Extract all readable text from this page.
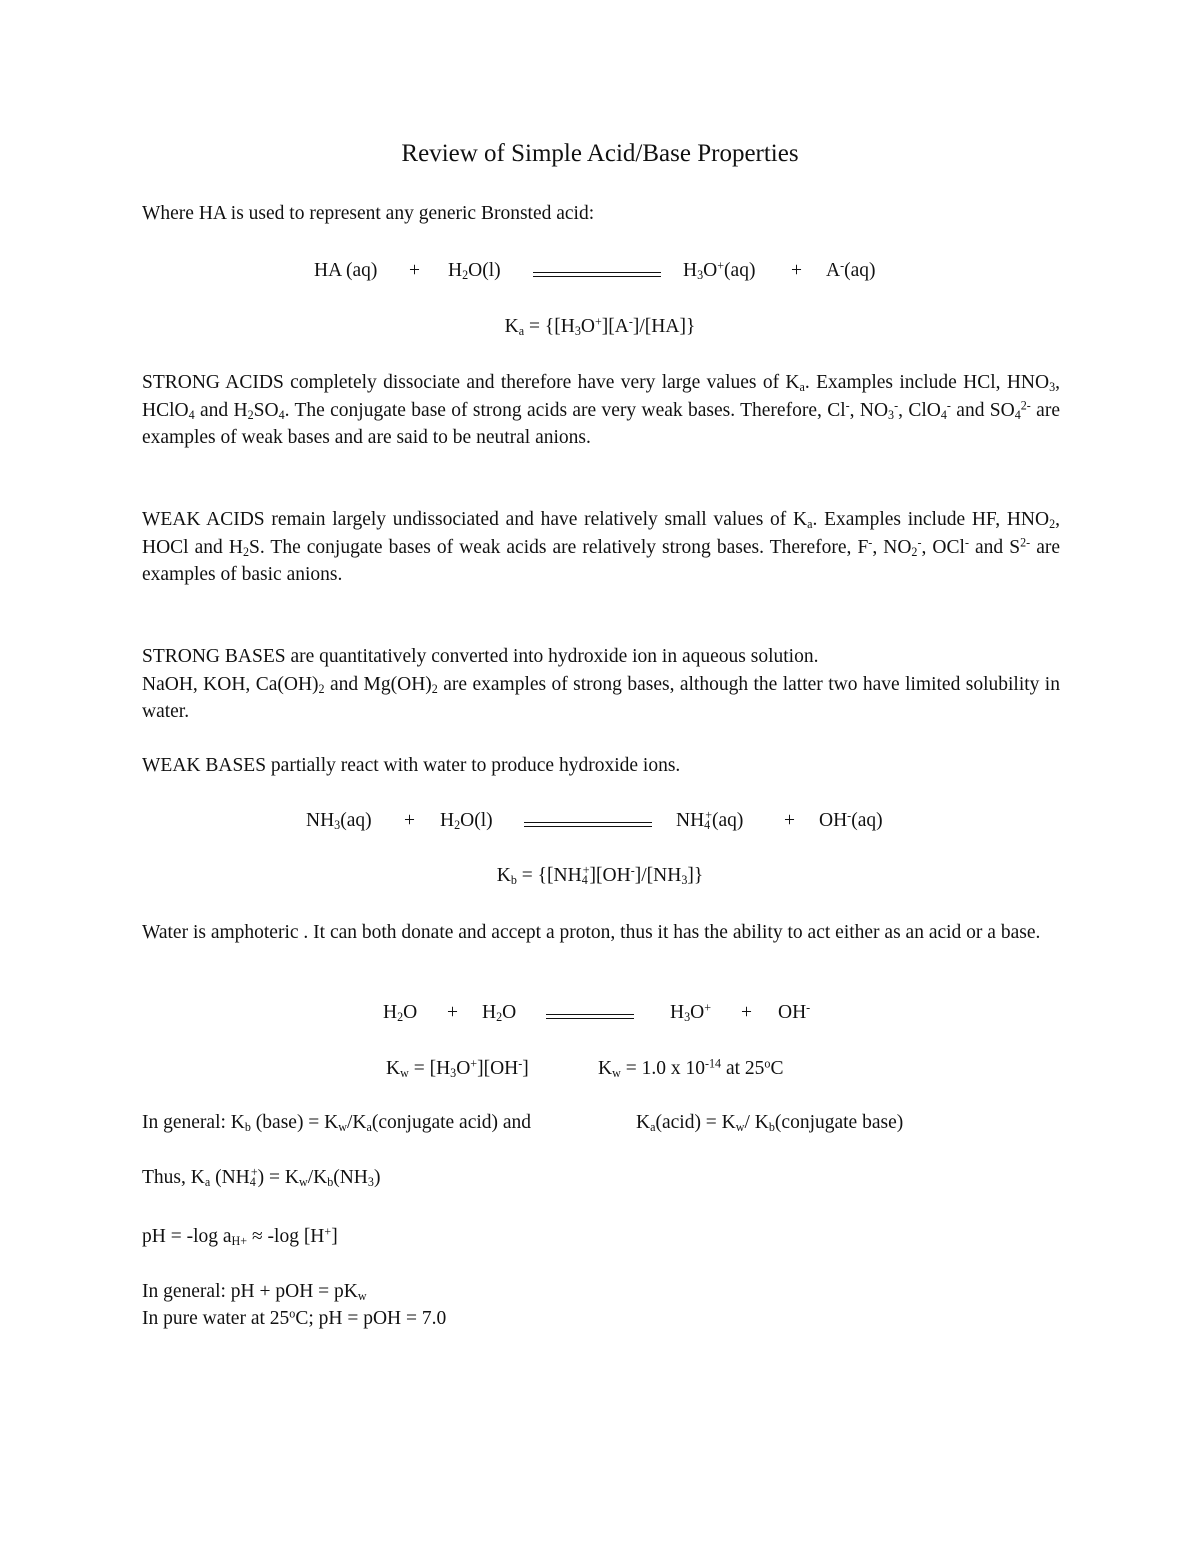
Review of Simple Acid/Base Properties
Where HA is used to represent any generic Bronsted acid:
HA $(aq) + H_2O(l)$	$H_3O^+(aq) + A^-(aq)$
$K_a = \{[H_3O^+][A^-]/[HA]\}$
STRONG ACIDS completely dissociate and therefore have very large values of $K_a$. Examples include HCl, $HNO_3$, HClO$_4$ and $H_2SO_4$. The conjugate base of strong acids are very weak bases. Therefore, Cl-, $NO_3^-$, ClO$_4$- and $SO_4^{2-}$ are examples of weak bases and are said to be neutral anions.
WEAK ACIDS remain largely undissociated and have relatively small values of $K_a$. Examples include HF, $HNO_2$, HOCl and $H_2S$. The conjugate bases of weak acids are relatively strong bases. Therefore, F-, $NO_2^-$, OCl- and $S^{2-}$ are examples of basic anions.
STRONG BASES are quantitatively converted into hydroxide ion in aqueous solution.
NaOH, KOH, $Ca(OH)_2$ and $Mg(OH)_2$ are examples of strong bases, although the latter two have limited solubility in water.
WEAK BASES partially react with water to produce hydroxide ions.
$NH_3(aq) + H_2O(l)$	$NH_4^+(aq) + OH^-(aq)$
$K_b = \{[NH_4^+][OH^-]/[NH_3]\}$
Water is amphoteric . It can both donate and accept a proton, thus it has the ability to act either as an acid or a base.
$H_2O + H_2O$	$H_3O^+ + OH^-$
$K_w = [H_3O^+][OH^-]$	$K_w = 1.0$ x $10^{-14}$ at 25$^o$C
In general: $K_b$ (base) = $K_w/K_a(conjugate$ acid) and	$K_a(acid) = K_w/$ $K_b(conjugate$ base)
Thus, $K_a$ $(NH_4^+) = K_w/K_b(NH_3)$
pH = -log $a_{H+} \approx -\log$ [H+]
In general: pH + pOH = $pK_w$
In pure water at 25$^o$C; pH = pOH = 7.0
